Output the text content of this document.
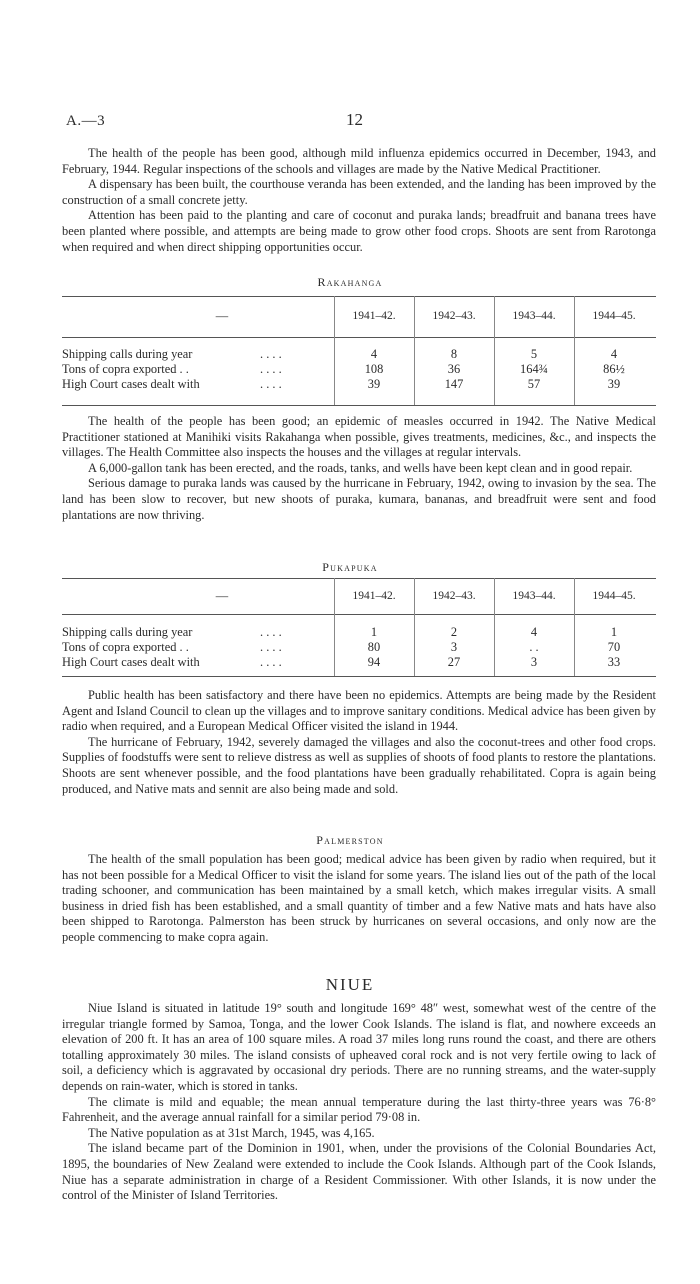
A.—3	12

The health of the people has been good, although mild influenza epidemics occurred in December, 1943, and February, 1944. Regular inspections of the schools and villages are made by the Native Medical Practitioner.

A dispensary has been built, the courthouse veranda has been extended, and the landing has been improved by the construction of a small concrete jetty.

Attention has been paid to the planting and care of coconut and puraka lands; breadfruit and banana trees have been planted where possible, and attempts are being made to grow other food crops. Shoots are sent from Rarotonga when required and when direct shipping opportunities occur.

Rakahanga
—	1941–42.	1942–43.	1943–44.	1944–45.
Shipping calls during year	. . . .	4	8	5	4
Tons of copra exported . .	. . . .	108	36	164¾	86½
High Court cases dealt with	. . . .	39	147	57	39

The health of the people has been good; an epidemic of measles occurred in 1942. The Native Medical Practitioner stationed at Manihiki visits Rakahanga when possible, gives treatments, medicines, &c., and inspects the villages. The Health Committee also inspects the houses and the villages at regular intervals.

A 6,000-gallon tank has been erected, and the roads, tanks, and wells have been kept clean and in good repair.

Serious damage to puraka lands was caused by the hurricane in February, 1942, owing to invasion by the sea. The land has been slow to recover, but new shoots of puraka, kumara, bananas, and breadfruit were sent and food plantations are now thriving.

Pukapuka
—	1941–42.	1942–43.	1943–44.	1944–45.
Shipping calls during year	. . . .	1	2	4	1
Tons of copra exported . .	. . . .	80	3	. .	70
High Court cases dealt with	. . . .	94	27	3	33

Public health has been satisfactory and there have been no epidemics. Attempts are being made by the Resident Agent and Island Council to clean up the villages and to improve sanitary conditions. Medical advice has been given by radio when required, and a European Medical Officer visited the island in 1944.

The hurricane of February, 1942, severely damaged the villages and also the coconut-trees and other food crops. Supplies of foodstuffs were sent to relieve distress as well as supplies of shoots of food plants to restore the plantations. Shoots are sent whenever possible, and the food plantations have been gradually rehabilitated. Copra is again being produced, and Native mats and sennit are also being made and sold.

Palmerston

The health of the small population has been good; medical advice has been given by radio when required, but it has not been possible for a Medical Officer to visit the island for some years. The island lies out of the path of the local trading schooner, and communication has been maintained by a small ketch, which makes irregular visits. A small business in dried fish has been established, and a small quantity of timber and a few Native mats and hats have also been shipped to Rarotonga. Palmerston has been struck by hurricanes on several occasions, and only now are the people commencing to make copra again.

NIUE

Niue Island is situated in latitude 19° south and longitude 169° 48″ west, somewhat west of the centre of the irregular triangle formed by Samoa, Tonga, and the lower Cook Islands. The island is flat, and nowhere exceeds an elevation of 200 ft. It has an area of 100 square miles. A road 37 miles long runs round the coast, and there are others totalling approximately 30 miles. The island consists of upheaved coral rock and is not very fertile owing to lack of soil, a deficiency which is aggravated by occasional dry periods. There are no running streams, and the water-supply depends on rain-water, which is stored in tanks.

The climate is mild and equable; the mean annual temperature during the last thirty-three years was 76·8° Fahrenheit, and the average annual rainfall for a similar period 79·08 in.

The Native population as at 31st March, 1945, was 4,165.

The island became part of the Dominion in 1901, when, under the provisions of the Colonial Boundaries Act, 1895, the boundaries of New Zealand were extended to include the Cook Islands. Although part of the Cook Islands, Niue has a separate administration in charge of a Resident Commissioner. With other Islands, it is now under the control of the Minister of Island Territories.
